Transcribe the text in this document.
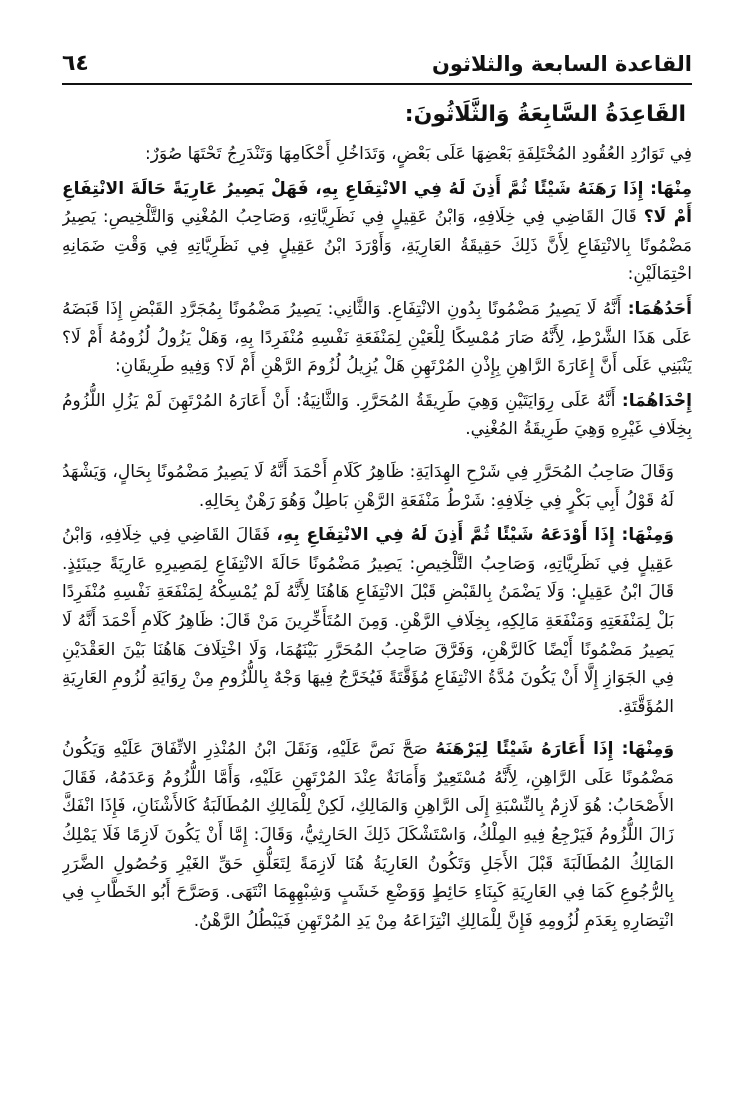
٦٤	القاعدة السابعة والثلاثون
القَاعِدَةُ السَّابِعَةُ وَالثَّلَاثُونَ:

فِي تَوَارُدِ العُقُودِ المُخْتَلِفَةِ بَعْضِهَا عَلَى بَعْضٍ، وَتَدَاخُلِ أَحْكَامِهَا وَتَنْدَرِجُ تَحْتَهَا صُوَرٌ:

مِنْهَا: إِذَا رَهَنَهُ شَيْئًا ثُمَّ أَذِنَ لَهُ فِي الانْتِفَاعِ بِهِ، فَهَلْ يَصِيرُ عَارِيَةً حَالَةَ الانْتِفَاعِ أَمْ لَا؟ قَالَ القَاضِي فِي خِلَافِهِ، وَابْنُ عَقِيلٍ فِي نَظَرِيَّاتِهِ، وَصَاحِبُ المُغْنِي وَالتَّلْخِيصِ: يَصِيرُ مَضْمُونًا بِالانْتِفَاعِ لِأَنَّ ذَلِكَ حَقِيقَةُ العَارِيَةِ، وَأَوْرَدَ ابْنُ عَقِيلٍ فِي نَظَرِيَّاتِهِ فِي وَقْتِ ضَمَانِهِ احْتِمَالَيْنِ:

أَحَدُهُمَا: أَنَّهُ لَا يَصِيرُ مَضْمُونًا بِدُونِ الانْتِفَاعِ. وَالثَّانِي: يَصِيرُ مَضْمُونًا بِمُجَرَّدِ القَبْضِ إِذَا قَبَضَهُ عَلَى هَذَا الشَّرْطِ، لِأَنَّهُ صَارَ مُمْسِكًا لِلْعَيْنِ لِمَنْفَعَةِ نَفْسِهِ مُنْفَرِدًا بِهِ، وَهَلْ يَزُولُ لُزُومُهُ أَمْ لَا؟ يَنْبَنِي عَلَى أَنَّ إِعَارَةَ الرَّاهِنِ بِإِذْنِ المُرْتَهِنِ هَلْ يُزِيلُ لُزُومَ الرَّهْنِ أَمْ لَا؟ وَفِيهِ طَرِيقَانِ:

إِحْدَاهُمَا: أَنَّهُ عَلَى رِوَايَتَيْنِ وَهِيَ طَرِيقَةُ المُحَرَّرِ. وَالثَّانِيَةُ: أَنْ أَعَارَهُ المُرْتَهِنَ لَمْ يَزُلِ اللُّزُومُ بِخِلَافِ غَيْرِهِ وَهِيَ طَرِيقَةُ المُغْنِي.

وَقَالَ صَاحِبُ المُحَرَّرِ فِي شَرْحِ الهِدَايَةِ: ظَاهِرُ كَلَامِ أَحْمَدَ أَنَّهُ لَا يَصِيرُ مَضْمُونًا بِحَالٍ، وَيَشْهَدُ لَهُ قَوْلُ أَبِي بَكْرٍ فِي خِلَافِهِ: شَرْطُ مَنْفَعَةِ الرَّهْنِ بَاطِلٌ وَهُوَ رَهْنٌ بِحَالِهِ.

وَمِنْهَا: إِذَا أَوْدَعَهُ شَيْئًا ثُمَّ أَذِنَ لَهُ فِي الانْتِفَاعِ بِهِ، فَقَالَ القَاضِي فِي خِلَافِهِ، وَابْنُ عَقِيلٍ فِي نَظَرِيَّاتِهِ، وَصَاحِبُ التَّلْخِيصِ: يَصِيرُ مَضْمُونًا حَالَةَ الانْتِفَاعِ لِمَصِيرِهِ عَارِيَةً حِينَئِذٍ. قَالَ ابْنُ عَقِيلٍ: وَلَا يَضْمَنُ بِالقَبْضِ قَبْلَ الانْتِفَاعِ هَاهُنَا لِأَنَّهُ لَمْ يُمْسِكْهُ لِمَنْفَعَةِ نَفْسِهِ مُنْفَرِدًا بَلْ لِمَنْفَعَتِهِ وَمَنْفَعَةِ مَالِكِهِ، بِخِلَافِ الرَّهْنِ. وَمِنَ المُتَأَخِّرِينَ مَنْ قَالَ: ظَاهِرُ كَلَامِ أَحْمَدَ أَنَّهُ لَا يَصِيرُ مَضْمُونًا أَيْضًا كَالرَّهْنِ، وَفَرَّقَ صَاحِبُ المُحَرَّرِ بَيْنَهُمَا، وَلَا اخْتِلَافَ هَاهُنَا بَيْنَ العَقْدَيْنِ فِي الجَوَازِ إِلَّا أَنْ يَكُونَ مُدَّةُ الانْتِفَاعِ مُؤَقَّتَةً فَيُخَرَّجُ فِيهَا وَجْهٌ بِاللُّزُومِ مِنْ رِوَايَةِ لُزُومِ العَارِيَةِ المُؤَقَّتَةِ.

وَمِنْهَا: إِذَا أَعَارَهُ شَيْئًا لِيَرْهَنَهُ صَحَّ نَصَّ عَلَيْهِ، وَنَقَلَ ابْنُ المُنْذِرِ الاتِّفَاقَ عَلَيْهِ وَيَكُونُ مَضْمُونًا عَلَى الرَّاهِنِ، لِأَنَّهُ مُسْتَعِيرٌ وَأَمَانَةٌ عِنْدَ المُرْتَهِنِ عَلَيْهِ، وَأَمَّا اللُّزُومُ وَعَدَمُهُ، فَقَالَ الأَصْحَابُ: هُوَ لَازِمٌ بِالنِّسْبَةِ إِلَى الرَّاهِنِ وَالمَالِكِ، لَكِنْ لِلْمَالِكِ المُطَالَبَةُ كَالأَشْنَانِ، فَإِذَا انْفَكَّ زَالَ اللُّزُومُ فَيَرْجِعُ فِيهِ المِلْكُ، وَاسْتَشْكَلَ ذَلِكَ الحَارِثِيُّ، وَقَالَ: إِمَّا أَنْ يَكُونَ لَازِمًا فَلَا يَمْلِكُ المَالِكُ المُطَالَبَةَ قَبْلَ الأَجَلِ وَتَكُونُ العَارِيَةُ هُنَا لَازِمَةً لِتَعَلُّقِ حَقِّ الغَيْرِ وَحُصُولِ الضَّرَرِ بِالرُّجُوعِ كَمَا فِي العَارِيَةِ كَبِنَاءِ حَائِطٍ وَوَضْعِ خَشَبٍ وَشِبْهِهِمَا انْتَهَى. وَصَرَّحَ أَبُو الخَطَّابِ فِي انْتِصَارِهِ بِعَدَمِ لُزُومِهِ فَإِنَّ لِلْمَالِكِ انْتِزَاعَهُ مِنْ يَدِ المُرْتَهِنِ فَيَبْطُلُ الرَّهْنُ.
